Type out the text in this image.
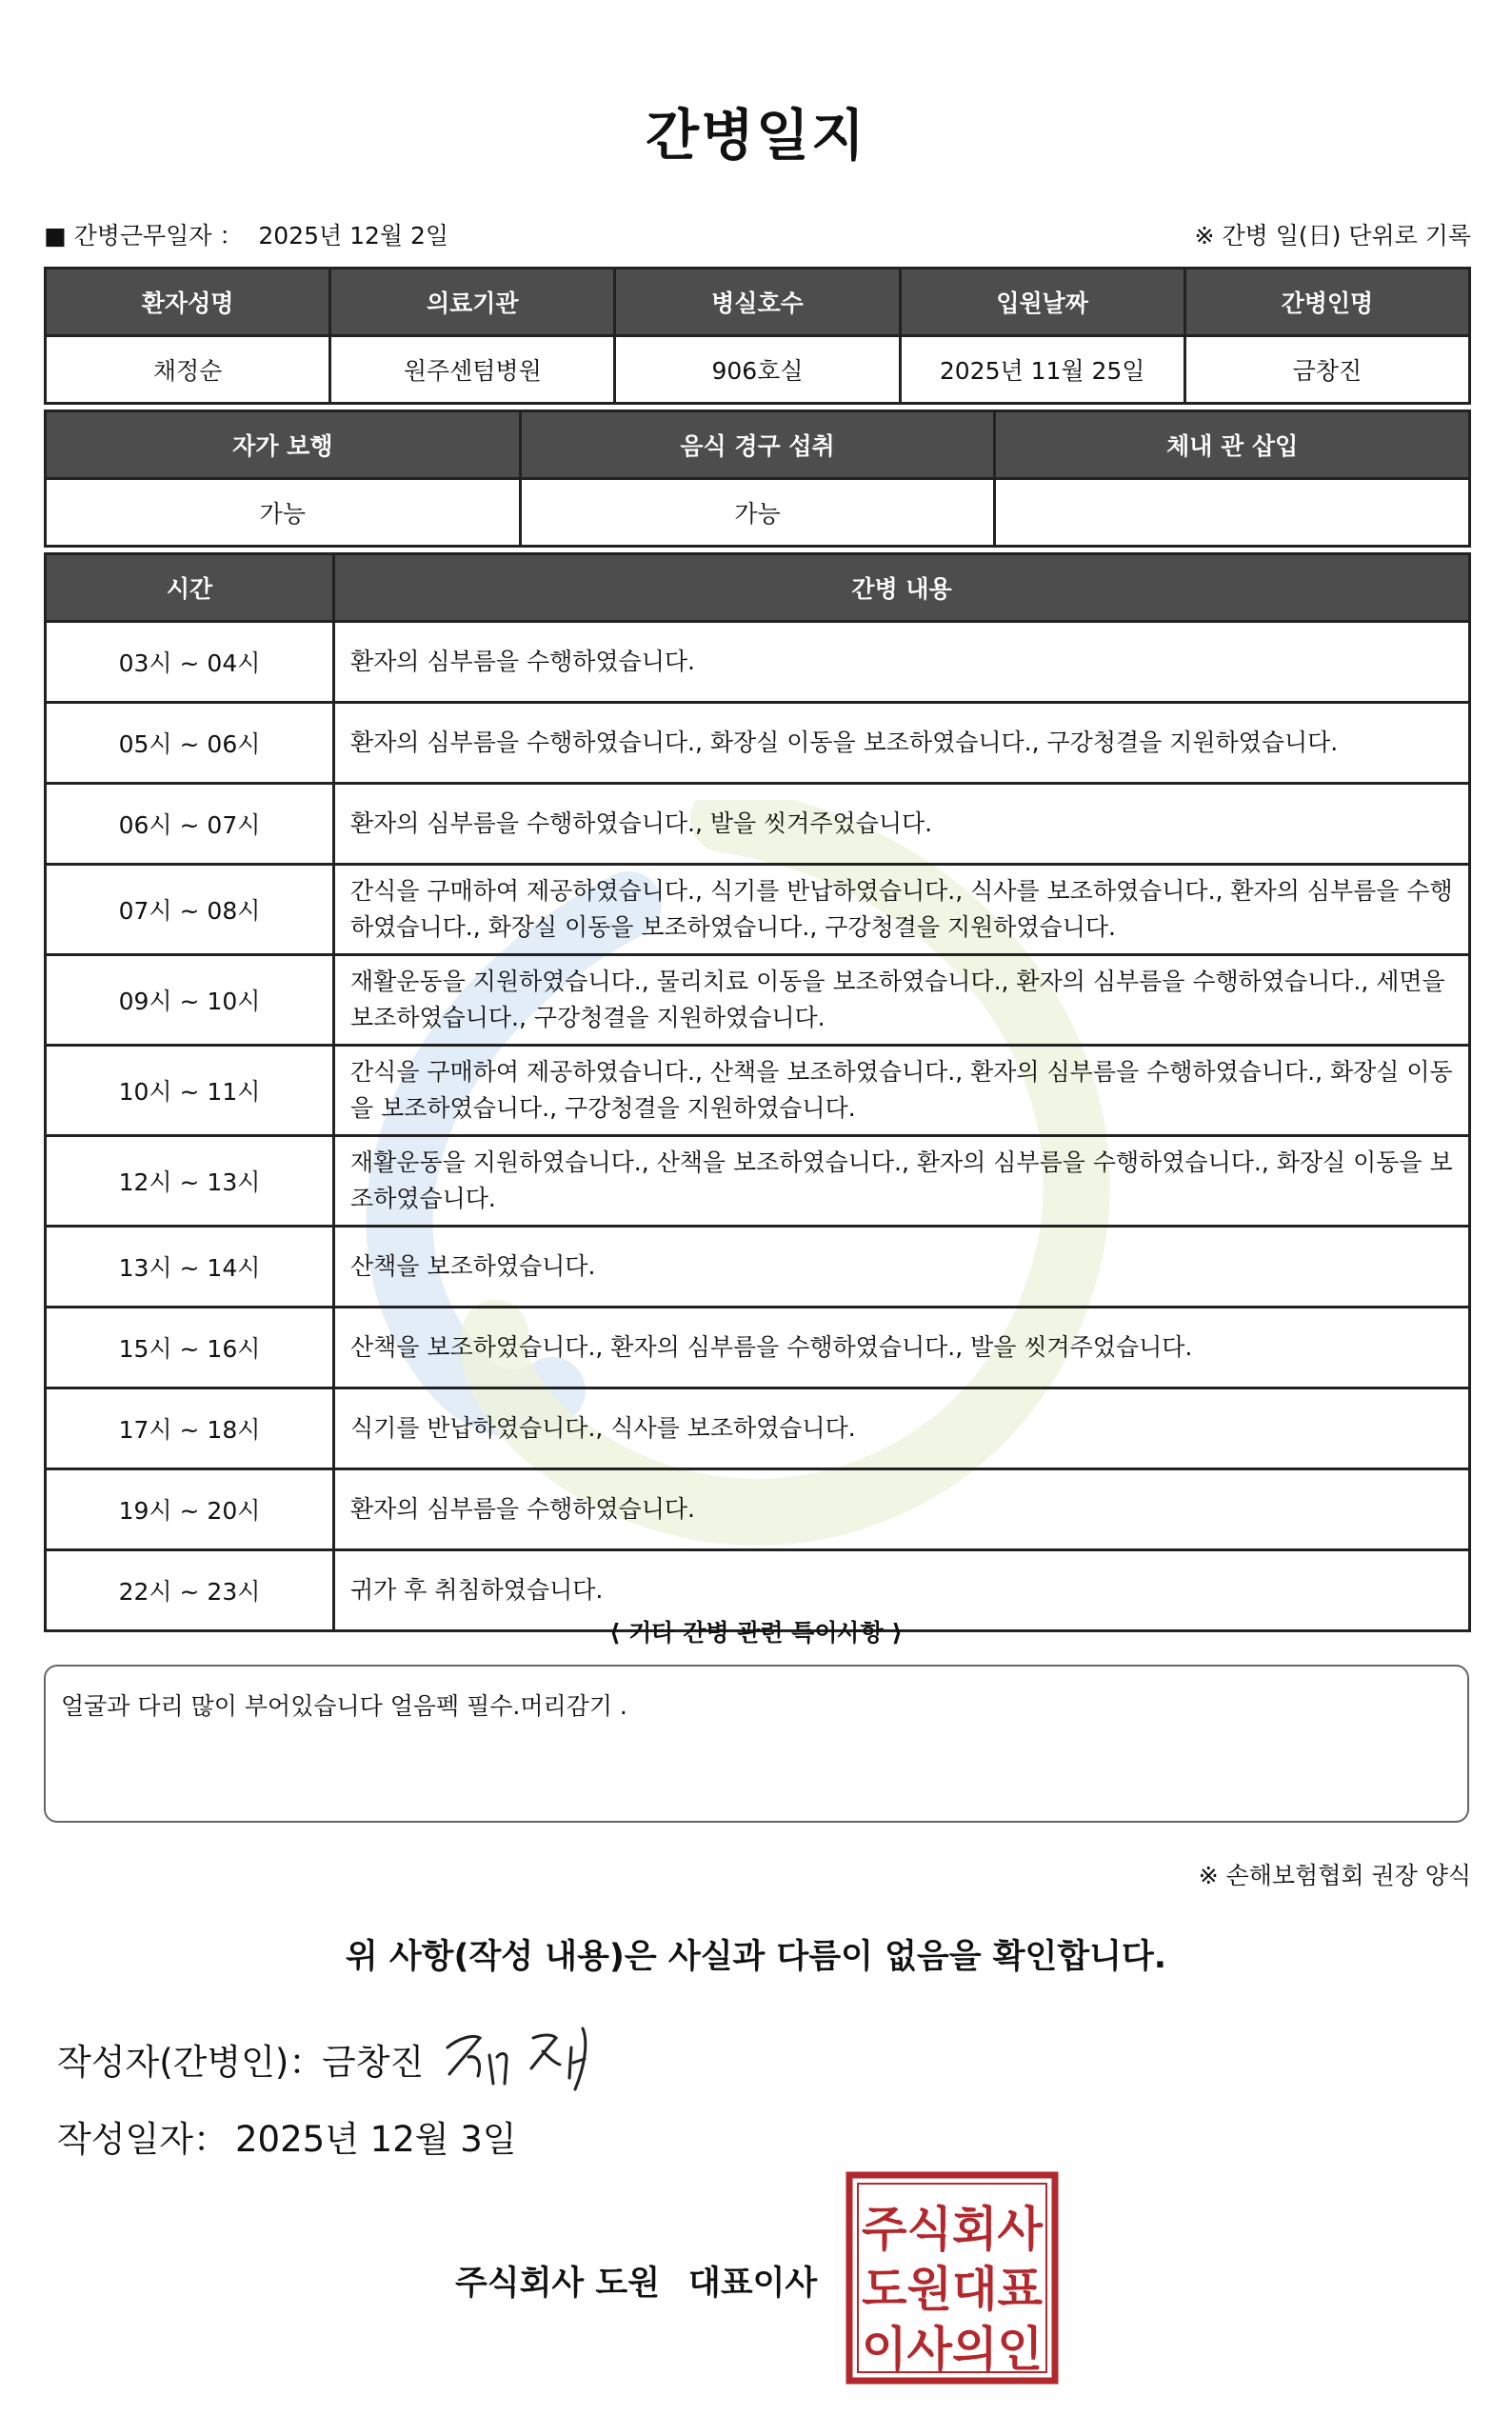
간병일지
■ 간병근무일자 ： 2025년 12월 2일	※ 간병 일(日) 단위로 기록
환자성명	의료기관	병실호수	입원날짜	간병인명
채정순	원주센텀병원	906호실	2025년 11월 25일	금창진
자가 보행	음식 경구 섭취	체내 관 삽입
가능	가능	
시간	간병 내용
03시 ~ 04시	환자의 심부름을 수행하였습니다.
05시 ~ 06시	환자의 심부름을 수행하였습니다., 화장실 이동을 보조하였습니다., 구강청결을 지원하였습니다.
06시 ~ 07시	환자의 심부름을 수행하였습니다., 발을 씻겨주었습니다.
07시 ~ 08시	간식을 구매하여 제공하였습니다., 식기를 반납하였습니다., 식사를 보조하였습니다., 환자의 심부름을 수행하였습니다., 화장실 이동을 보조하였습니다., 구강청결을 지원하였습니다.
09시 ~ 10시	재활운동을 지원하였습니다., 물리치료 이동을 보조하였습니다., 환자의 심부름을 수행하였습니다., 세면을 보조하였습니다., 구강청결을 지원하였습니다.
10시 ~ 11시	간식을 구매하여 제공하였습니다., 산책을 보조하였습니다., 환자의 심부름을 수행하였습니다., 화장실 이동을 보조하였습니다., 구강청결을 지원하였습니다.
12시 ~ 13시	재활운동을 지원하였습니다., 산책을 보조하였습니다., 환자의 심부름을 수행하였습니다., 화장실 이동을 보조하였습니다.
13시 ~ 14시	산책을 보조하였습니다.
15시 ~ 16시	산책을 보조하였습니다., 환자의 심부름을 수행하였습니다., 발을 씻겨주었습니다.
17시 ~ 18시	식기를 반납하였습니다., 식사를 보조하였습니다.
19시 ~ 20시	환자의 심부름을 수행하였습니다.
22시 ~ 23시	귀가 후 취침하였습니다.
⟨ 기타 간병 관련 특이사항 ⟩
얼굴과 다리 많이 부어있습니다 얼음펙 필수.머리감기 .
※ 손해보험협회 권장 양식
위 사항(작성 내용)은 사실과 다름이 없음을 확인합니다.
작성자(간병인)：
금창진
작성일자： 2025년 12월 3일
주식회사 도원 대표이사
주식회사
도원대표
이사의인
